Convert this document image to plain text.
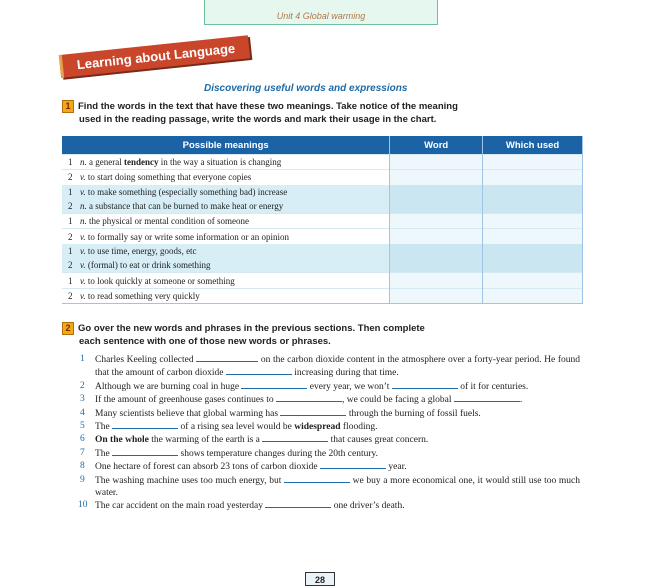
Unit 4 Global warming
Learning about Language
Discovering useful words and expressions
1 Find the words in the text that have these two meanings. Take notice of the meaning
used in the reading passage, write the words and mark their usage in the chart.
Possible meanings	Word	Which used
1 n. a general tendency in the way a situation is changing		
2 v. to start doing something that everyone copies		
1 v. to make something (especially something bad) increase		
2 n. a substance that can be burned to make heat or energy		
1 n. the physical or mental condition of someone		
2 v. to formally say or write some information or an opinion		
1 v. to use time, energy, goods, etc		
2 v. (formal) to eat or drink something		
1 v. to look quickly at someone or something		
2 v. to read something very quickly		
2 Go over the new words and phrases in the previous sections. Then complete
each sentence with one of those new words or phrases.
1 Charles Keeling collected	on the carbon dioxide content in the atmosphere over a forty-year period. He found that the amount of carbon dioxide	increasing during that time.
2 Although we are burning coal in huge	every year, we won’t	of it for centuries.
3 If the amount of greenhouse gases continues to	, we could be facing a global	.
4 Many scientists believe that global warming has	through the burning of fossil fuels.
5 The	of a rising sea level would be widespread flooding.
6 On the whole the warming of the earth is a	that causes great concern.
7 The	shows temperature changes during the 20th century.
8 One hectare of forest can absorb 23 tons of carbon dioxide	year.
9 The washing machine uses too much energy, but	we buy a more economical one, it would still use too much water.
10 The car accident on the main road yesterday	one driver’s death.
28
